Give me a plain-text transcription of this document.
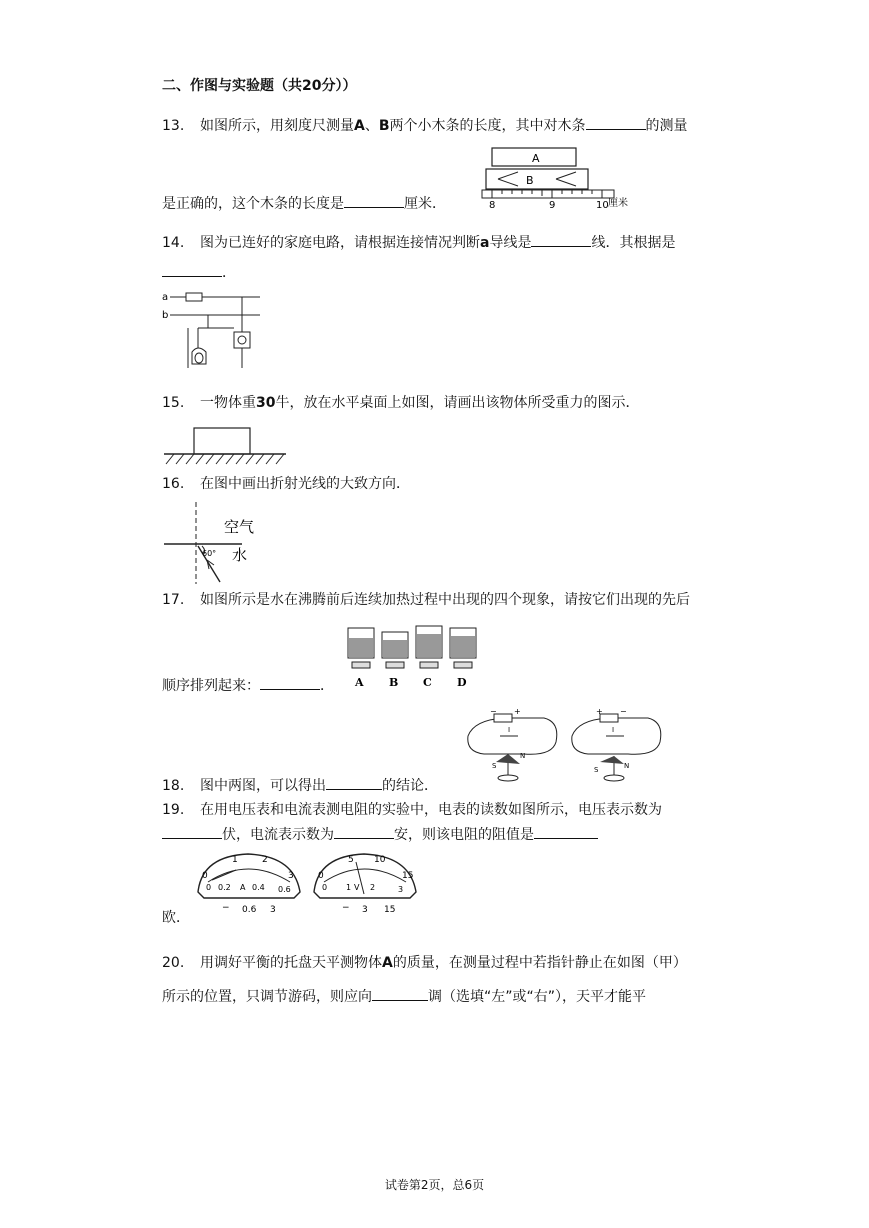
二、作图与实验题（共20分））
13. 如图所示，用刻度尺测量A、B两个小木条的长度，其中对木条	的测量
A
B
8	9	10 厘米
是正确的，这个木条的长度是	厘米．
14. 图为已连好的家庭电路，请根据连接情况判断a导线是	线．其根据是
．
a
b
15. 一物体重30牛，放在水平桌面上如图，请画出该物体所受重力的图示．
16. 在图中画出折射光线的大致方向．
60°
空气
水
17. 如图所示是水在沸腾前后连续加热过程中出现的四个现象，请按它们出现的先后
A B C D
顺序排列起来：	．
− +
I
S
N
+ −
I
S	N
18. 图中两图，可以得出	的结论．
19. 在用电压表和电流表测电阻的实验中，电表的读数如图所示，电压表示数为
伏，电流表示数为	安，则该电阻的阻值是
0
1	2
3
0 0.2 A 0.4 0.6
− 0.6 3
0
5 10
15
0 1 V 2	3
− 3 15
欧．
20. 用调好平衡的托盘天平测物体A的质量，在测量过程中若指针静止在如图（甲）
所示的位置，只调节游码，则应向	调（选填“左”或“右”），天平才能平
试卷第2页，总6页
